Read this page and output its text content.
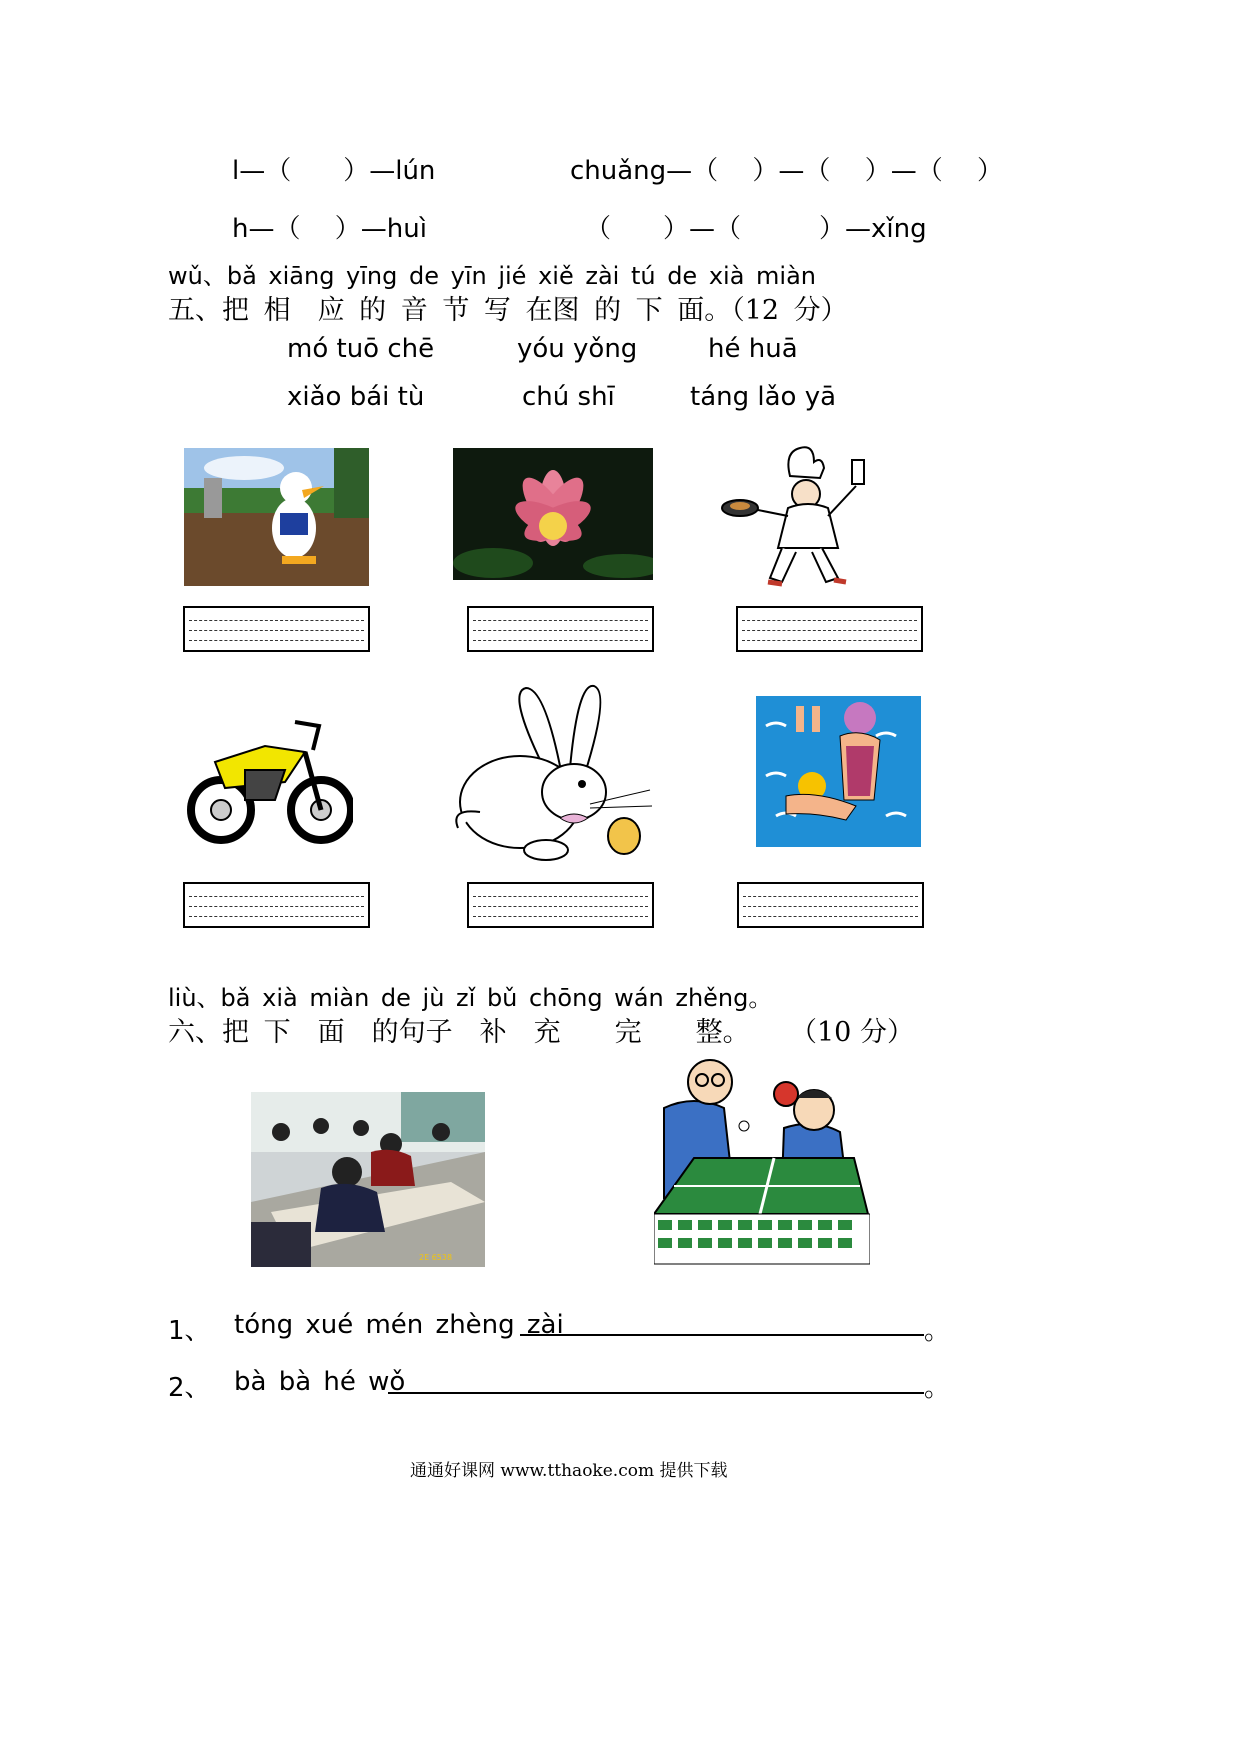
l—（　　）—lún	chuǎng—（　 ）—（　 ）—（　 ）
h—（　 ）—huì	（　　）—（　　　）—xǐng
wǔ、bǎ xiāng yīng de yīn jié xiě zài tú de xià miàn
五、把 相　应 的 音 节 写 在图 的 下 面。（12 分）
mó tuō chē	yóu yǒng	hé huā
xiǎo bái tù	chú shī	táng lǎo yā
liù、bǎ xià miàn de jù zǐ bǔ chōng wán zhěng。
六、把 下　面　的句子　补　充　　完　　整。 （10 分）
2E 6538
1、 tóng xué mén zhèng zài	。
2、 bà bà hé wǒ	。
通通好课网 www.tthaoke.com 提供下载
